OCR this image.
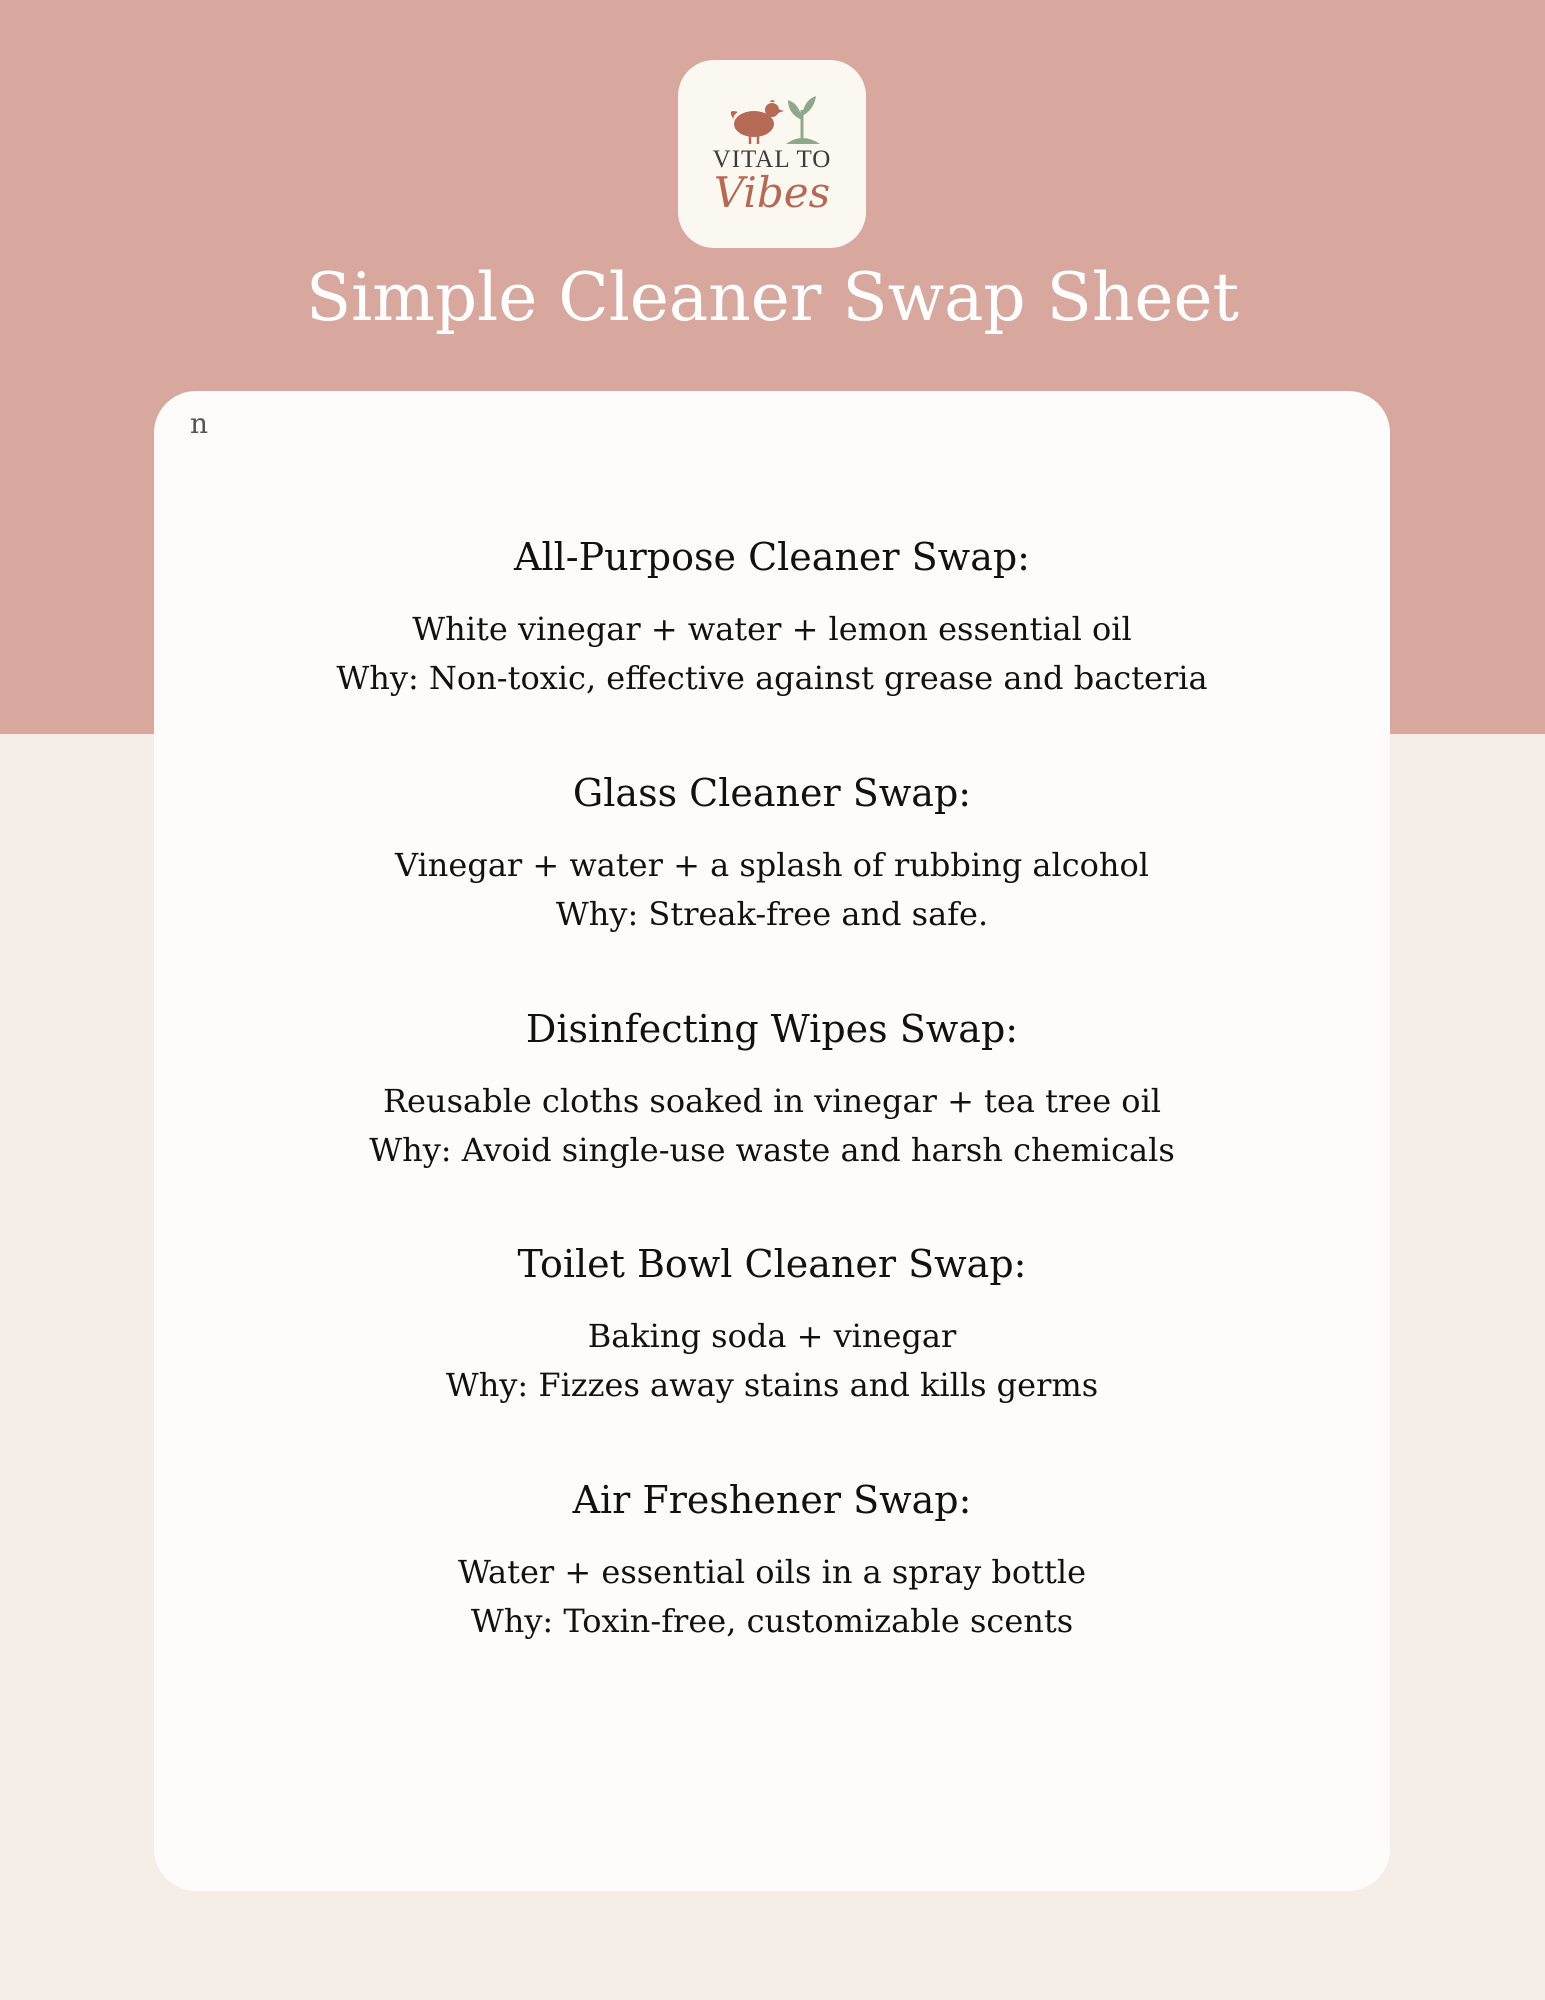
VITAL TO
Vibes
Simple Cleaner Swap Sheet
n

All-Purpose Cleaner Swap:

White vinegar + water + lemon essential oil

Why: Non-toxic, effective against grease and bacteria

Glass Cleaner Swap:

Vinegar + water + a splash of rubbing alcohol

Why: Streak-free and safe.

Disinfecting Wipes Swap:

Reusable cloths soaked in vinegar + tea tree oil

Why: Avoid single-use waste and harsh chemicals

Toilet Bowl Cleaner Swap:

Baking soda + vinegar

Why: Fizzes away stains and kills germs

Air Freshener Swap:

Water + essential oils in a spray bottle

Why: Toxin-free, customizable scents
